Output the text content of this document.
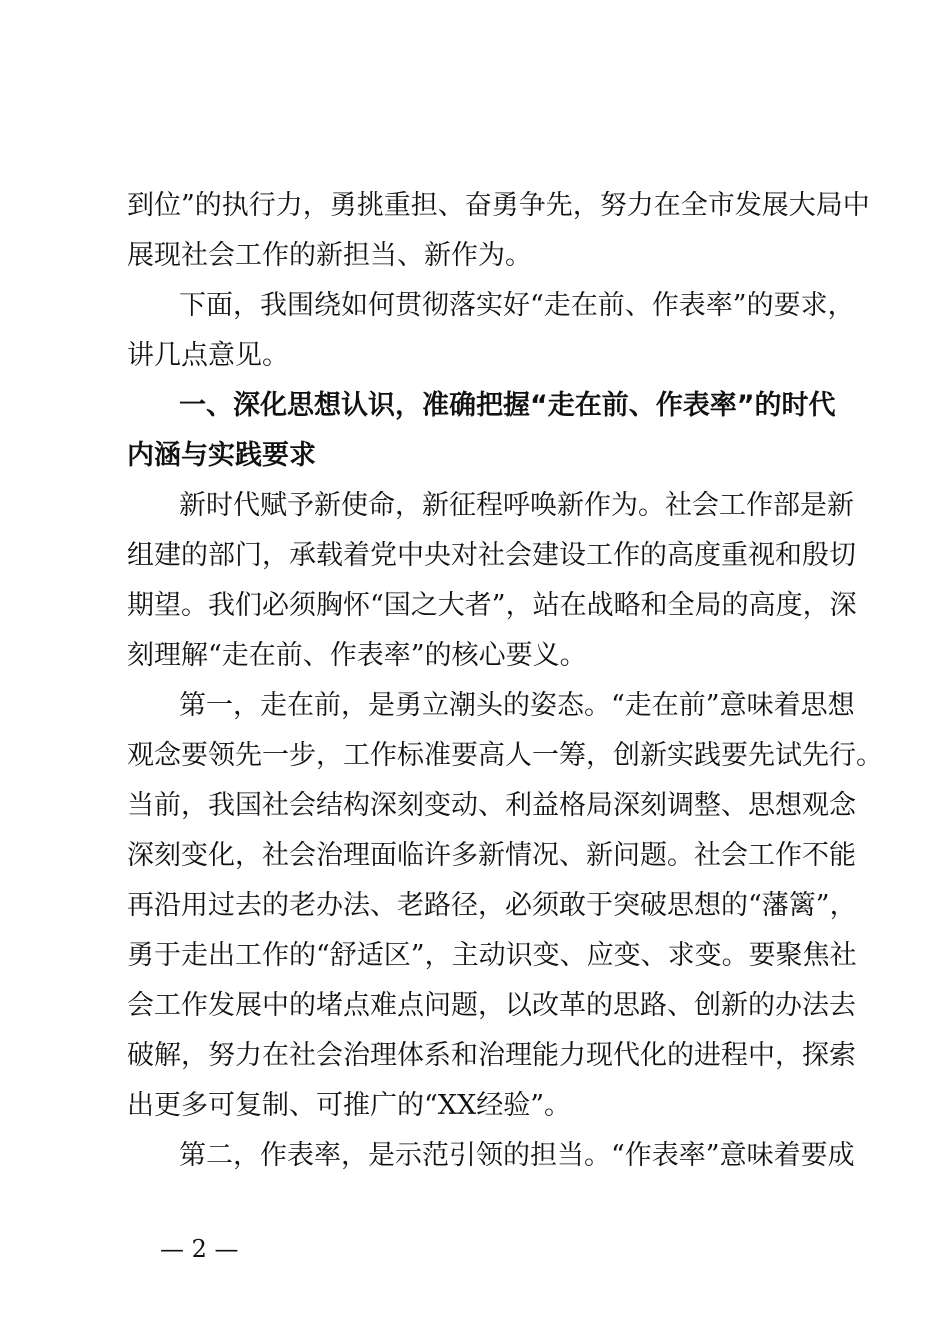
到位”的执行力，勇挑重担、奋勇争先，努力在全市发展大局中
展现社会工作的新担当、新作为。
下面，我围绕如何贯彻落实好“走在前、作表率”的要求，
讲几点意见。
一、深化思想认识，准确把握“走在前、作表率”的时代
内涵与实践要求
新时代赋予新使命，新征程呼唤新作为。社会工作部是新
组建的部门，承载着党中央对社会建设工作的高度重视和殷切
期望。我们必须胸怀“国之大者”，站在战略和全局的高度，深
刻理解“走在前、作表率”的核心要义。
第一，走在前，是勇立潮头的姿态。“走在前”意味着思想
观念要领先一步，工作标准要高人一筹，创新实践要先试先行。
当前，我国社会结构深刻变动、利益格局深刻调整、思想观念
深刻变化，社会治理面临许多新情况、新问题。社会工作不能
再沿用过去的老办法、老路径，必须敢于突破思想的“藩篱”，
勇于走出工作的“舒适区”，主动识变、应变、求变。要聚焦社
会工作发展中的堵点难点问题，以改革的思路、创新的办法去
破解，努力在社会治理体系和治理能力现代化的进程中，探索
出更多可复制、可推广的“XX经验”。
第二，作表率，是示范引领的担当。“作表率”意味着要成
— 2 —
